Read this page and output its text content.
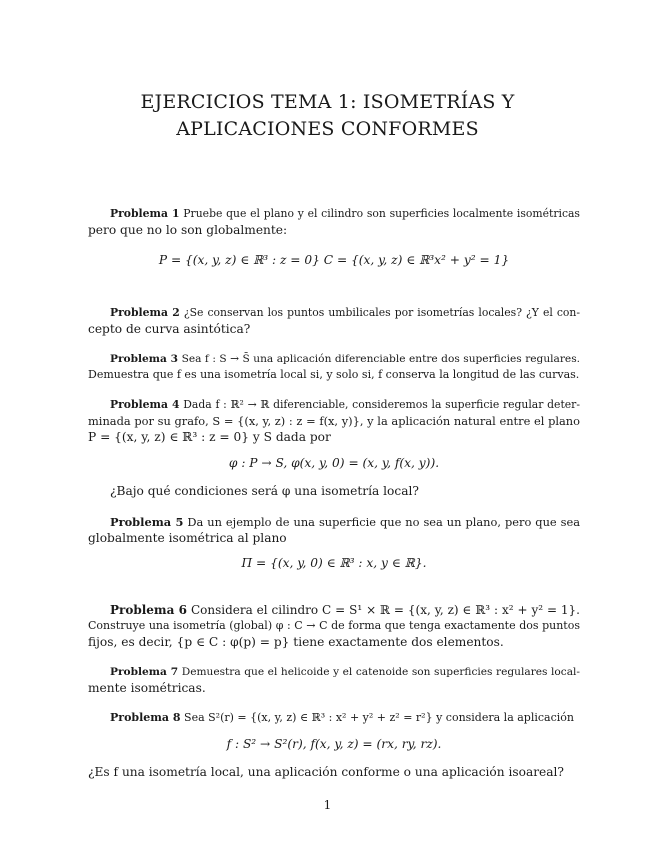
EJERCICIOS TEMA 1: ISOMETRÍAS Y
APLICACIONES CONFORMES
Problema 1 Pruebe que el plano y el cilindro son superficies localmente isométricas
pero que no lo son globalmente:
P = {(x, y, z) ∈ ℝ³ : z = 0} C = {(x, y, z) ∈ ℝ³x² + y² = 1}
Problema 2 ¿Se conservan los puntos umbilicales por isometrías locales? ¿Y el con-
cepto de curva asintótica?
Problema 3 Sea f : S → S̄ una aplicación diferenciable entre dos superficies regulares.
Demuestra que f es una isometría local si, y solo si, f conserva la longitud de las curvas.
Problema 4 Dada f : ℝ² → ℝ diferenciable, consideremos la superficie regular deter-
minada por su grafo, S = {(x, y, z) : z = f(x, y)}, y la aplicación natural entre el plano
P = {(x, y, z) ∈ ℝ³ : z = 0} y S dada por
φ : P → S, φ(x, y, 0) = (x, y, f(x, y)).
¿Bajo qué condiciones será φ una isometría local?
Problema 5 Da un ejemplo de una superficie que no sea un plano, pero que sea
globalmente isométrica al plano
Π = {(x, y, 0) ∈ ℝ³ : x, y ∈ ℝ}.
Problema 6 Considera el cilindro C = S¹ × ℝ = {(x, y, z) ∈ ℝ³ : x² + y² = 1}.
Construye una isometría (global) φ : C → C de forma que tenga exactamente dos puntos
fijos, es decir, {p ∈ C : φ(p) = p} tiene exactamente dos elementos.
Problema 7 Demuestra que el helicoide y el catenoide son superficies regulares local-
mente isométricas.
Problema 8 Sea S²(r) = {(x, y, z) ∈ ℝ³ : x² + y² + z² = r²} y considera la aplicación
f : S² → S²(r), f(x, y, z) = (rx, ry, rz).
¿Es f una isometría local, una aplicación conforme o una aplicación isoareal?
1
